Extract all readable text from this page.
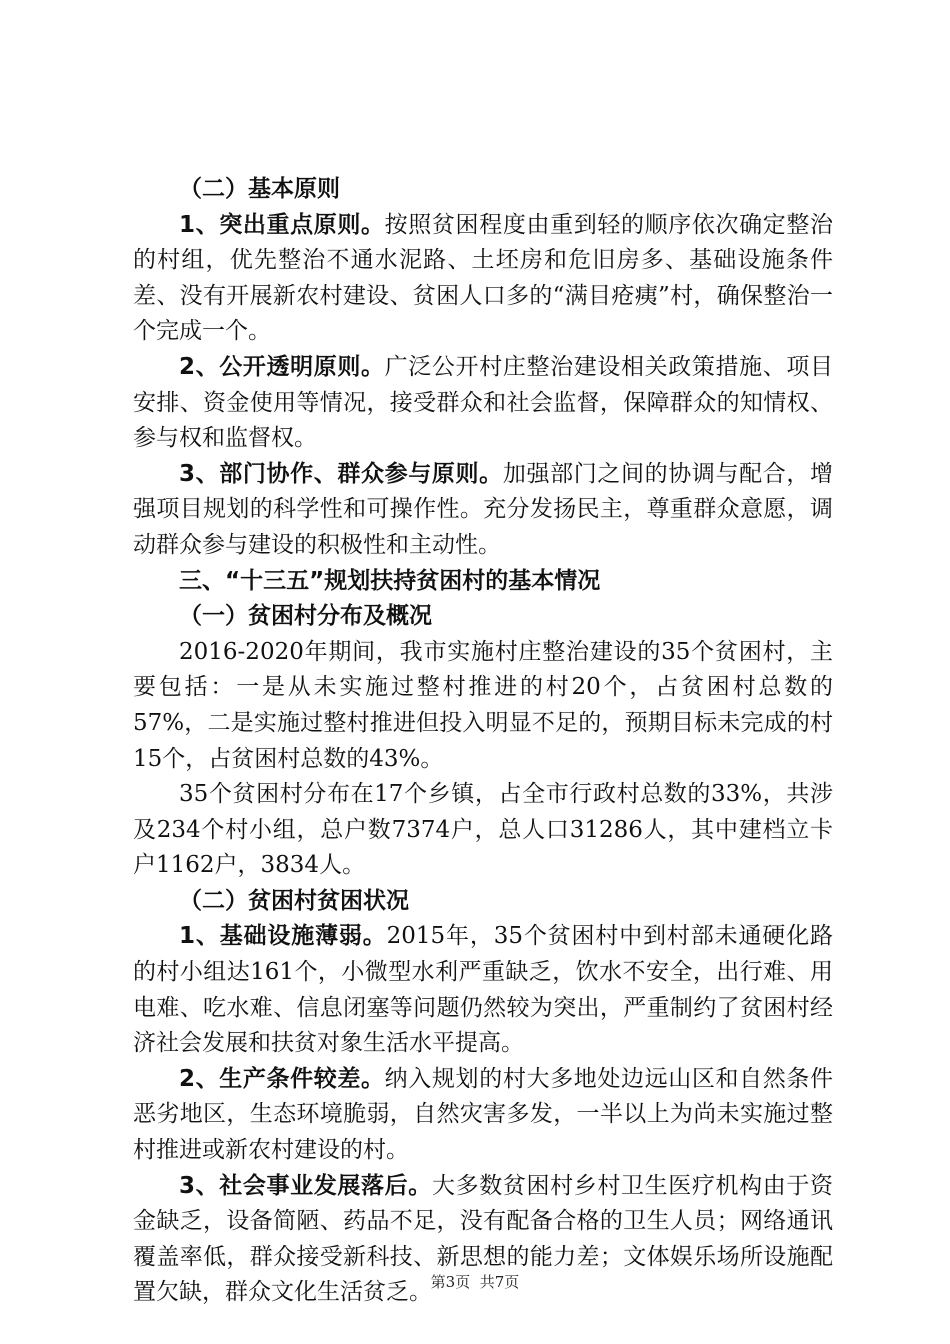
（二）基本原则

1、突出重点原则。按照贫困程度由重到轻的顺序依次确定整治的村组，优先整治不通水泥路、土坯房和危旧房多、基础设施条件差、没有开展新农村建设、贫困人口多的“满目疮痍”村，确保整治一个完成一个。

2、公开透明原则。广泛公开村庄整治建设相关政策措施、项目安排、资金使用等情况，接受群众和社会监督，保障群众的知情权、参与权和监督权。

3、部门协作、群众参与原则。加强部门之间的协调与配合，增强项目规划的科学性和可操作性。充分发扬民主，尊重群众意愿，调动群众参与建设的积极性和主动性。

三、“十三五”规划扶持贫困村的基本情况

（一）贫困村分布及概况

2016-2020年期间，我市实施村庄整治建设的35个贫困村，主要包括：一是从未实施过整村推进的村20个，占贫困村总数的57%，二是实施过整村推进但投入明显不足的，预期目标未完成的村15个，占贫困村总数的43%。

35个贫困村分布在17个乡镇，占全市行政村总数的33%，共涉及234个村小组，总户数7374户，总人口31286人，其中建档立卡户1162户，3834人。

（二）贫困村贫困状况

1、基础设施薄弱。2015年，35个贫困村中到村部未通硬化路的村小组达161个，小微型水利严重缺乏，饮水不安全，出行难、用电难、吃水难、信息闭塞等问题仍然较为突出，严重制约了贫困村经济社会发展和扶贫对象生活水平提高。

2、生产条件较差。纳入规划的村大多地处边远山区和自然条件恶劣地区，生态环境脆弱，自然灾害多发，一半以上为尚未实施过整村推进或新农村建设的村。

3、社会事业发展落后。大多数贫困村乡村卫生医疗机构由于资金缺乏，设备简陋、药品不足，没有配备合格的卫生人员；网络通讯覆盖率低，群众接受新科技、新思想的能力差；文体娱乐场所设施配置欠缺，群众文化生活贫乏。

第3页 共7页
